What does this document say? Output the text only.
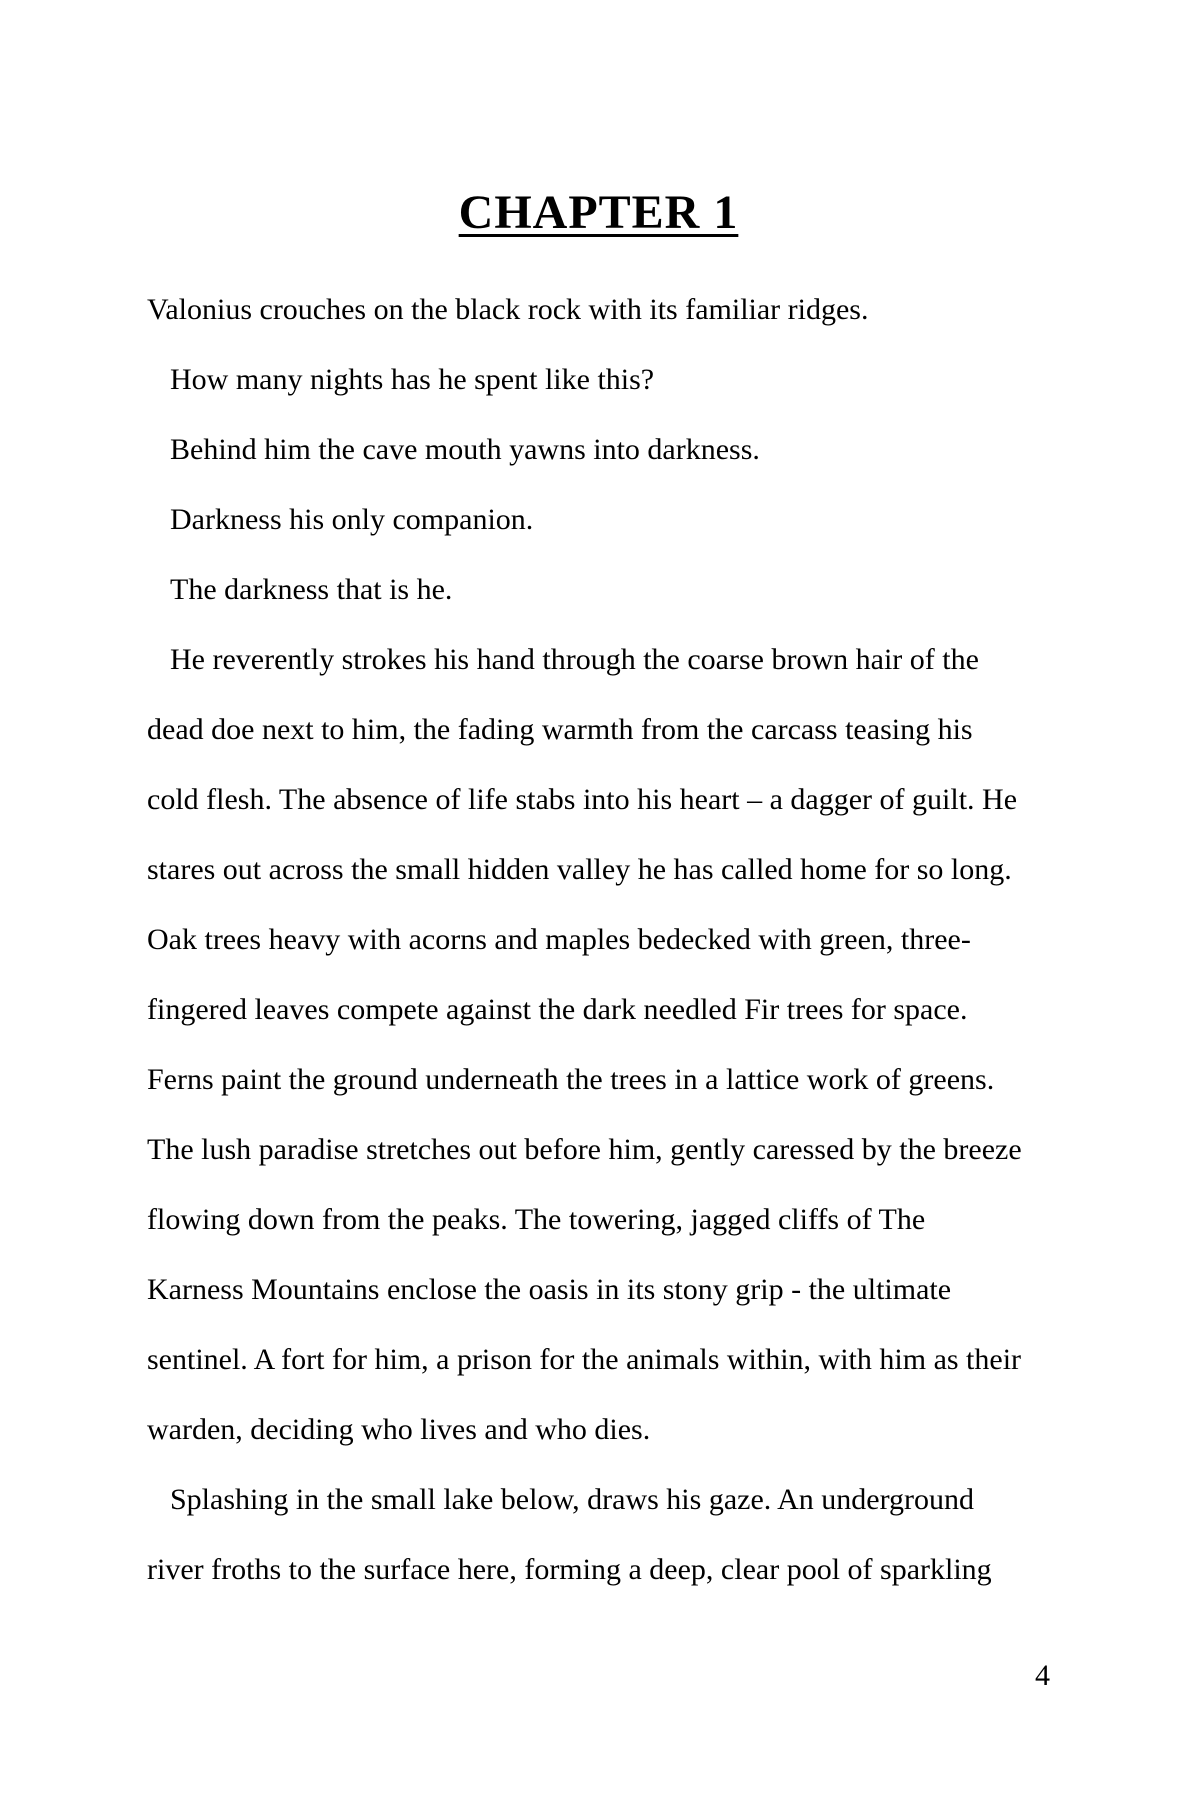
CHAPTER 1
Valonius crouches on the black rock with its familiar ridges.
How many nights has he spent like this?
Behind him the cave mouth yawns into darkness.
Darkness his only companion.
The darkness that is he.
He reverently strokes his hand through the coarse brown hair of the
dead doe next to him, the fading warmth from the carcass teasing his
cold flesh. The absence of life stabs into his heart – a dagger of guilt. He
stares out across the small hidden valley he has called home for so long.
Oak trees heavy with acorns and maples bedecked with green, three-
fingered leaves compete against the dark needled Fir trees for space.
Ferns paint the ground underneath the trees in a lattice work of greens.
The lush paradise stretches out before him, gently caressed by the breeze
flowing down from the peaks. The towering, jagged cliffs of The
Karness Mountains enclose the oasis in its stony grip - the ultimate
sentinel. A fort for him, a prison for the animals within, with him as their
warden, deciding who lives and who dies.
Splashing in the small lake below, draws his gaze. An underground
river froths to the surface here, forming a deep, clear pool of sparkling
4
